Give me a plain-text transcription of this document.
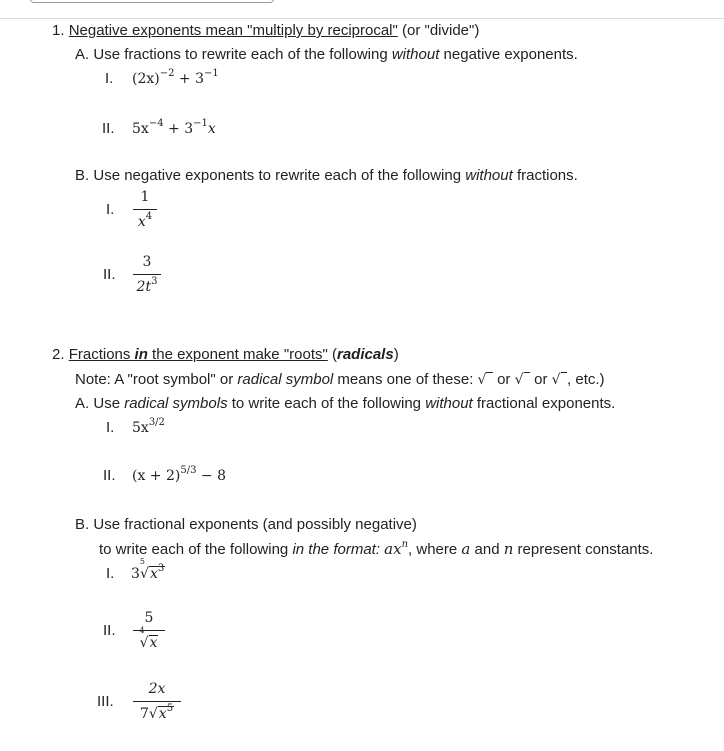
1. Negative exponents mean "multiply by reciprocal" (or "divide")
A. Use fractions to rewrite each of the following without negative exponents.
I. $(2x)^{-2} + 3^{-1}$
II. $5x^{-4} + 3^{-1}x$
B. Use negative exponents to rewrite each of the following without fractions.
I.
1
$x^4$
II.
3
$2t^3$
2. Fractions in the exponent make "roots" (radicals)
Note: A "root symbol" or radical symbol means one of these: √  or √  or √ , etc.)
A. Use radical symbols to write each of the following without fractional exponents.
I. $5x^{3/2}$
II. $(x + 2)^{5/3} - 8$
B. Use fractional exponents (and possibly negative)
to write each of the following in the format: $ax^n$, where a and n represent constants.
I. $3^5√x^3$
II.
5
$^4$√x
III.
2x
$7√x^5$
